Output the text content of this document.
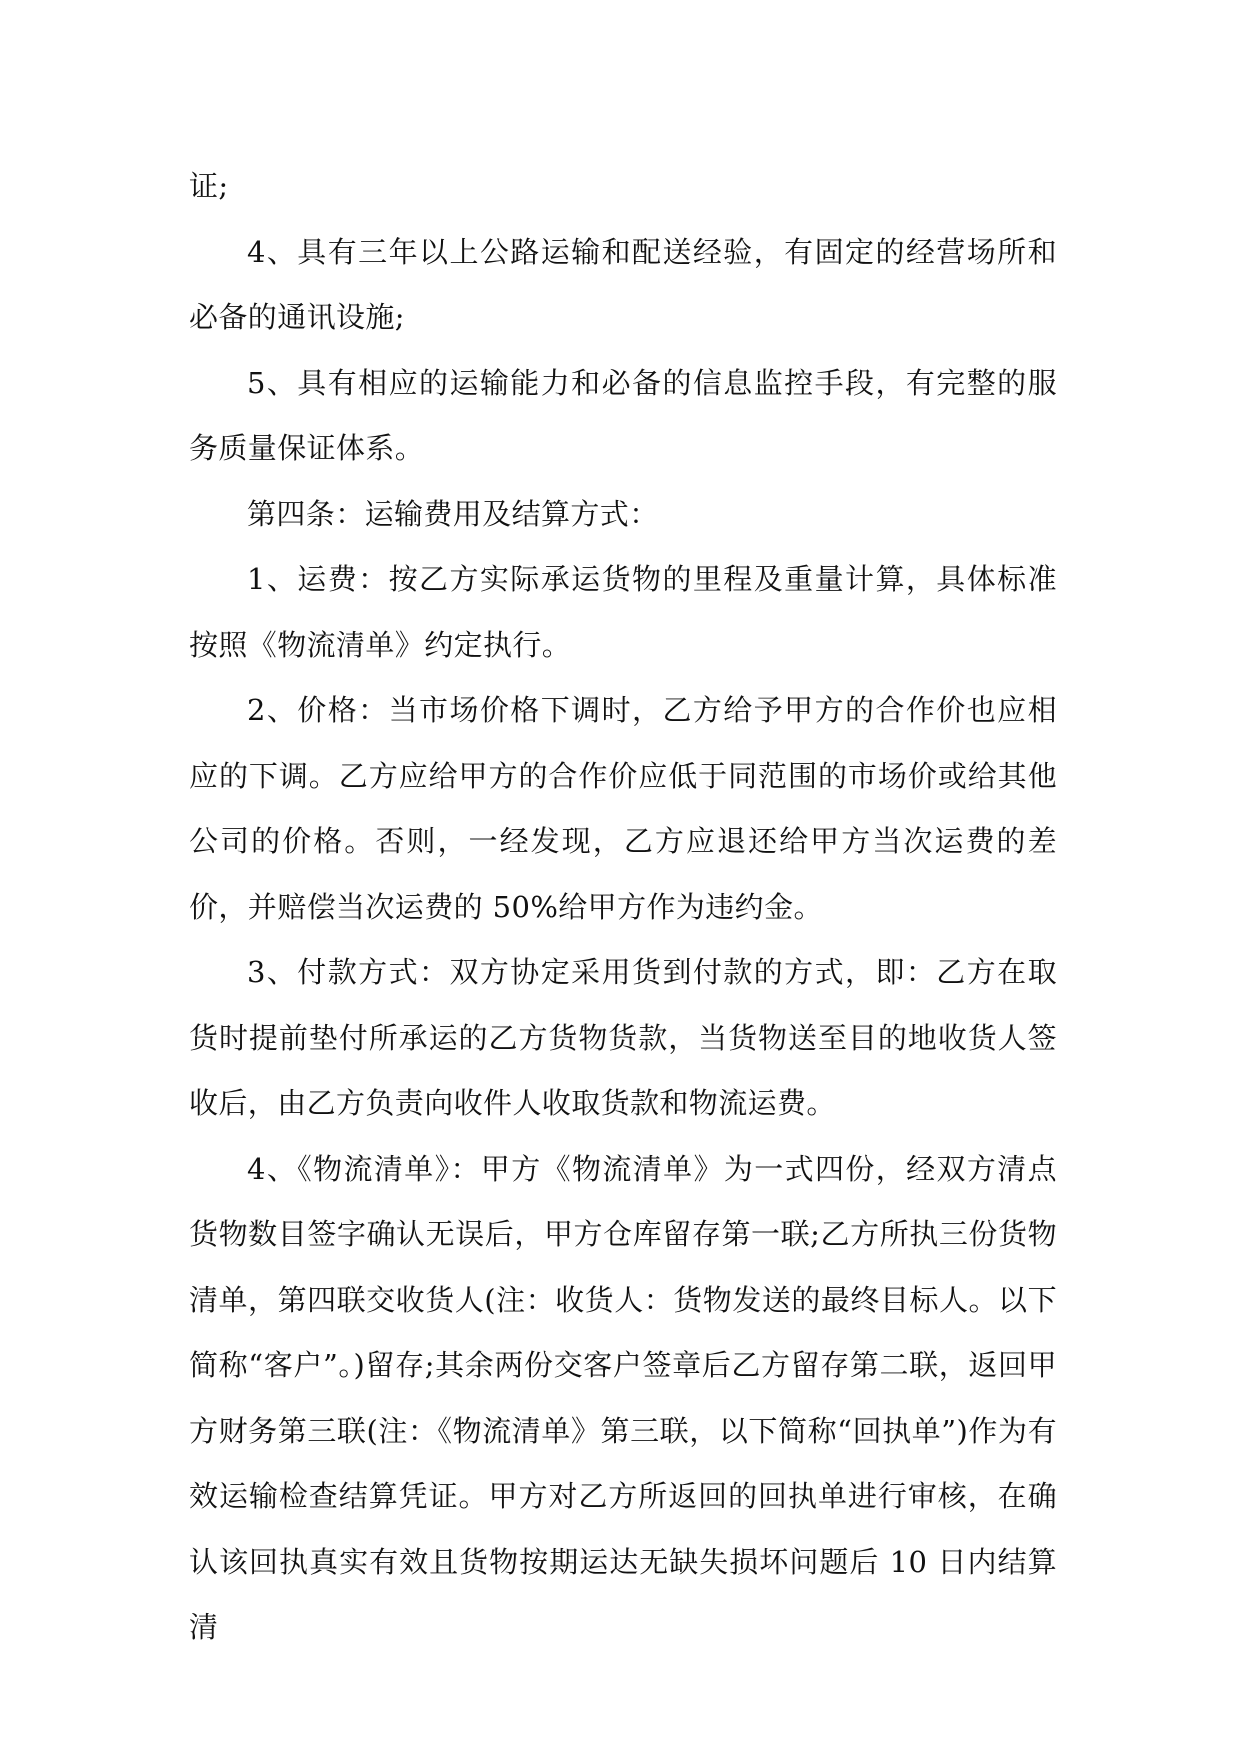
证;

4、具有三年以上公路运输和配送经验，有固定的经营场所和必备的通讯设施;

5、具有相应的运输能力和必备的信息监控手段，有完整的服务质量保证体系。

第四条：运输费用及结算方式：

1、运费：按乙方实际承运货物的里程及重量计算，具体标准按照《物流清单》约定执行。

2、价格：当市场价格下调时，乙方给予甲方的合作价也应相应的下调。乙方应给甲方的合作价应低于同范围的市场价或给其他公司的价格。否则，一经发现，乙方应退还给甲方当次运费的差价，并赔偿当次运费的 50%给甲方作为违约金。

3、付款方式：双方协定采用货到付款的方式，即：乙方在取货时提前垫付所承运的乙方货物货款，当货物送至目的地收货人签收后，由乙方负责向收件人收取货款和物流运费。

4、《物流清单》：甲方《物流清单》为一式四份，经双方清点货物数目签字确认无误后，甲方仓库留存第一联;乙方所执三份货物清单，第四联交收货人(注：收货人：货物发送的最终目标人。以下简称“客户”。)留存;其余两份交客户签章后乙方留存第二联，返回甲方财务第三联(注：《物流清单》第三联，以下简称“回执单”)作为有效运输检查结算凭证。甲方对乙方所返回的回执单进行审核，在确认该回执真实有效且货物按期运达无缺失损坏问题后 10 日内结算清
